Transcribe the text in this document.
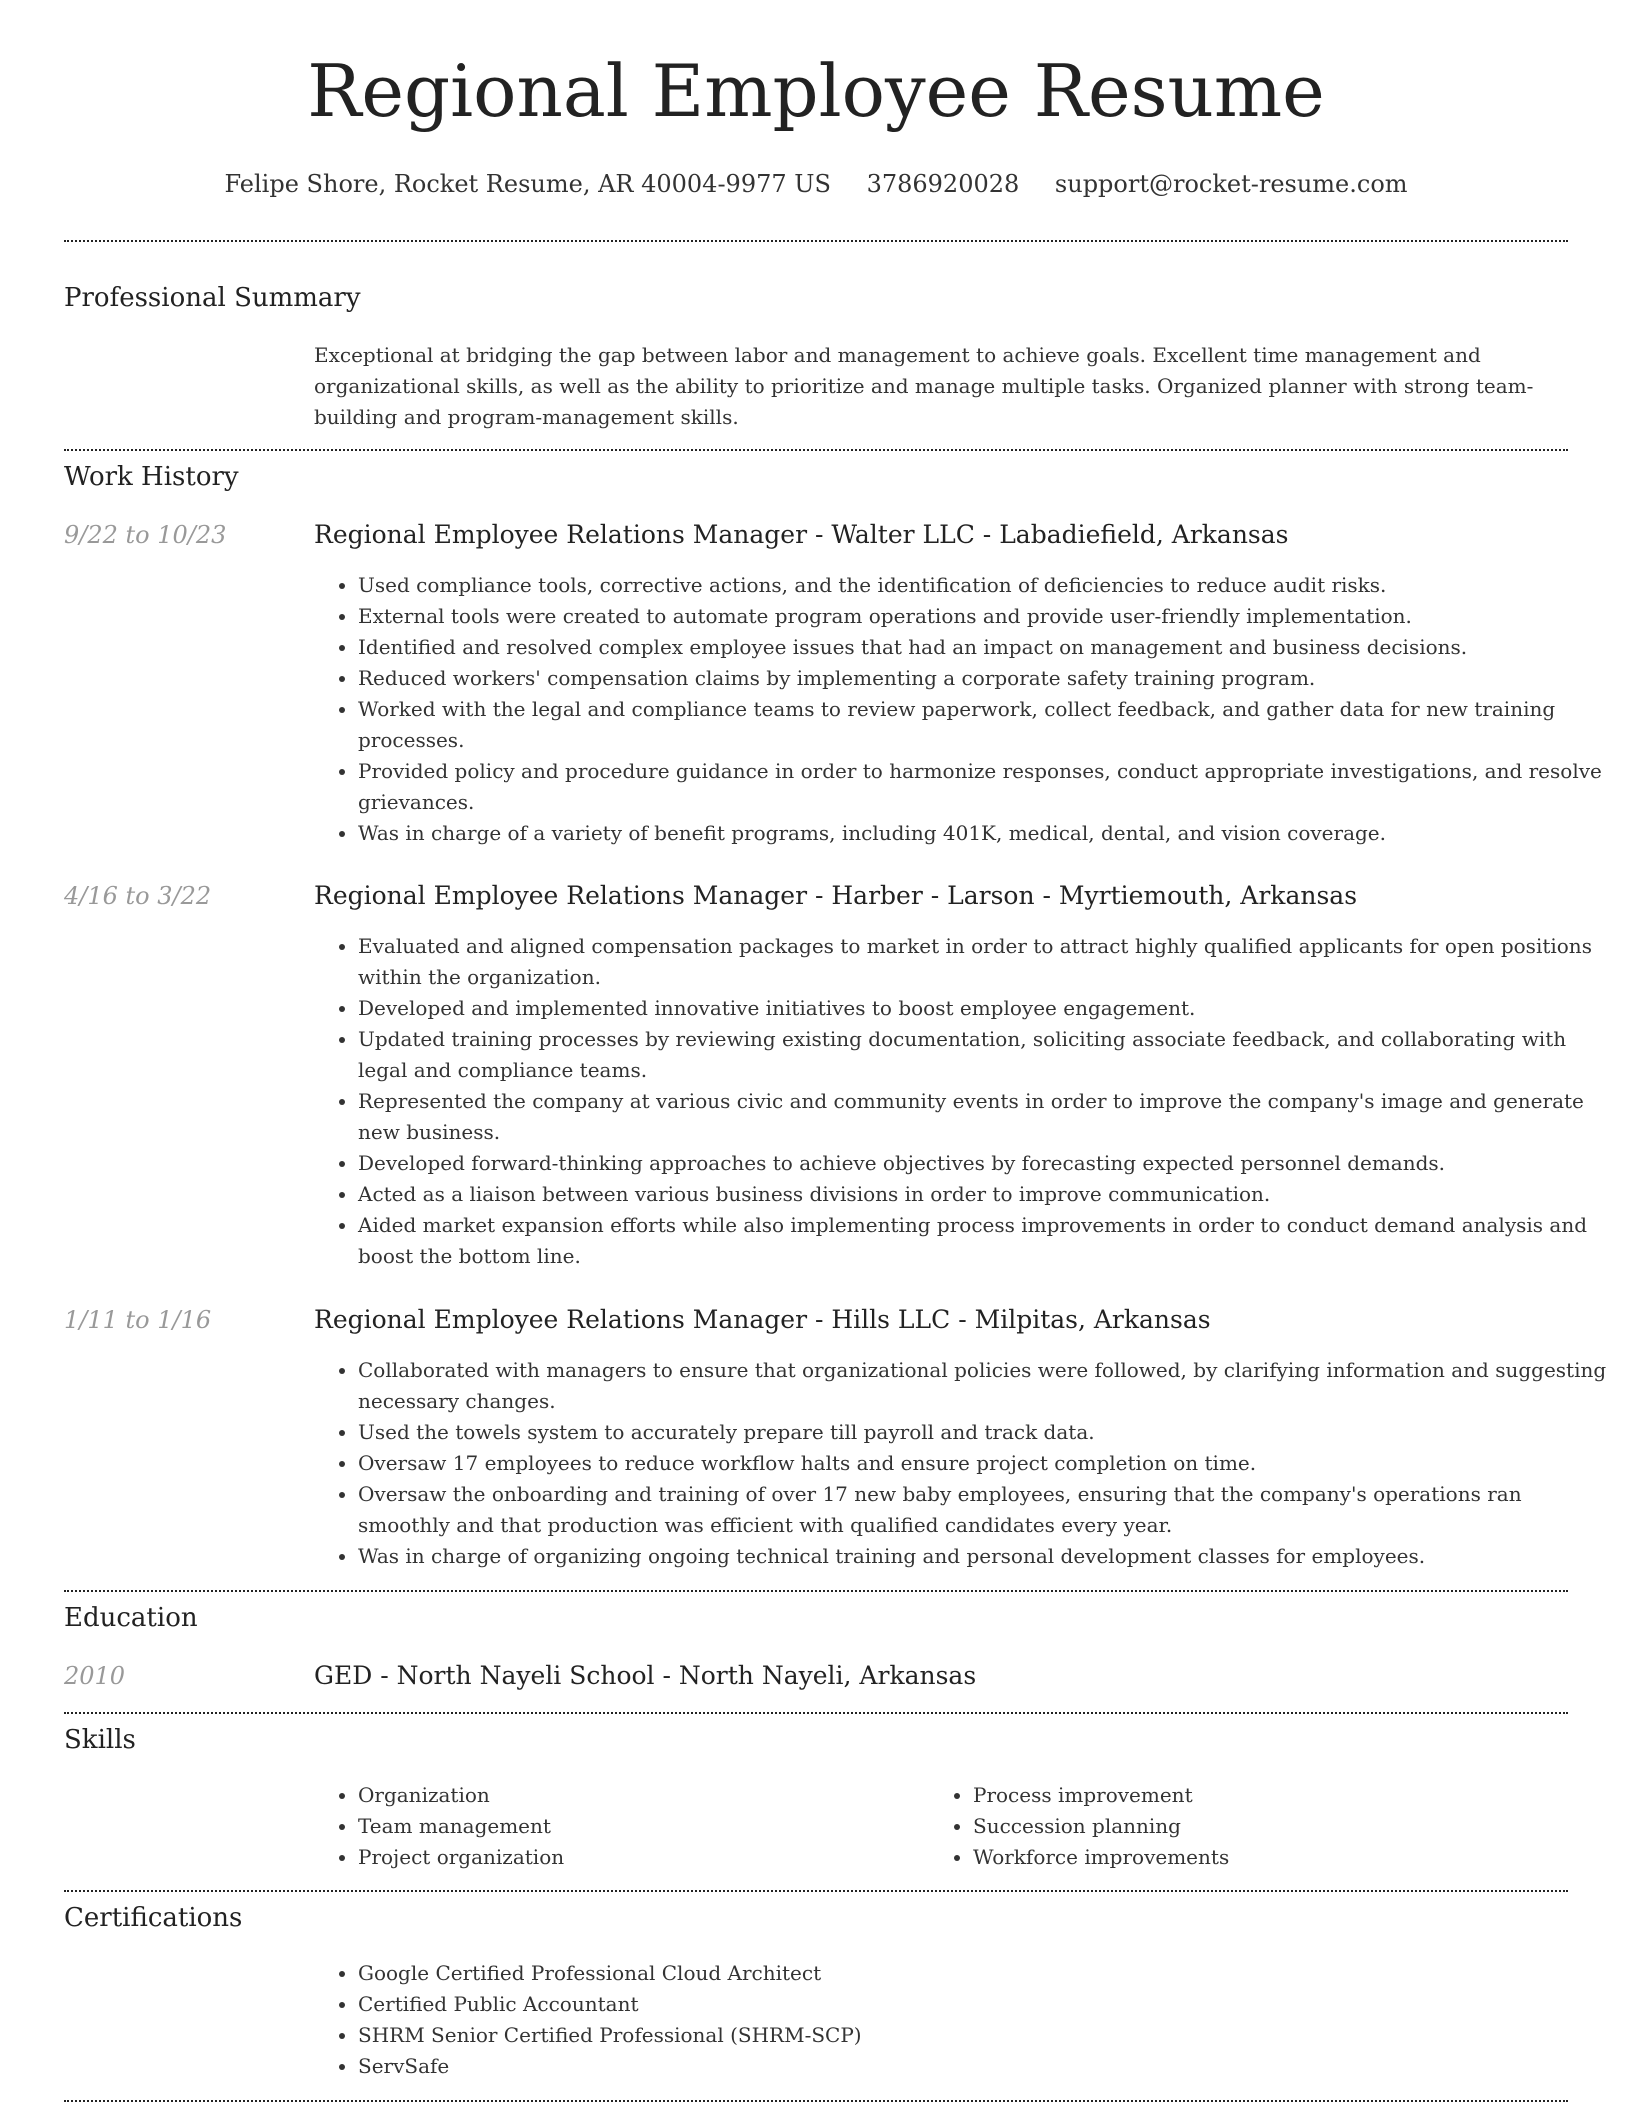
Regional Employee Resume
Felipe Shore, Rocket Resume, AR 40004-9977 US 3786920028 support@rocket-resume.com
Professional Summary

Exceptional at bridging the gap between labor and management to achieve goals. Excellent time management and organizational skills, as well as the ability to prioritize and manage multiple tasks. Organized planner with strong team-building and program-management skills.

Work History
9/22 to 10/23	Regional Employee Relations Manager - Walter LLC - Labadiefield, Arkansas
• Used compliance tools, corrective actions, and the identification of deficiencies to reduce audit risks.
• External tools were created to automate program operations and provide user-friendly implementation.
• Identified and resolved complex employee issues that had an impact on management and business decisions.
• Reduced workers' compensation claims by implementing a corporate safety training program.
• Worked with the legal and compliance teams to review paperwork, collect feedback, and gather data for new training processes.
• Provided policy and procedure guidance in order to harmonize responses, conduct appropriate investigations, and resolve grievances.
• Was in charge of a variety of benefit programs, including 401K, medical, dental, and vision coverage.
4/16 to 3/22	Regional Employee Relations Manager - Harber - Larson - Myrtiemouth, Arkansas
• Evaluated and aligned compensation packages to market in order to attract highly qualified applicants for open positions within the organization.
• Developed and implemented innovative initiatives to boost employee engagement.
• Updated training processes by reviewing existing documentation, soliciting associate feedback, and collaborating with legal and compliance teams.
• Represented the company at various civic and community events in order to improve the company's image and generate new business.
• Developed forward-thinking approaches to achieve objectives by forecasting expected personnel demands.
• Acted as a liaison between various business divisions in order to improve communication.
• Aided market expansion efforts while also implementing process improvements in order to conduct demand analysis and boost the bottom line.
1/11 to 1/16	Regional Employee Relations Manager - Hills LLC - Milpitas, Arkansas
• Collaborated with managers to ensure that organizational policies were followed, by clarifying information and suggesting necessary changes.
• Used the towels system to accurately prepare till payroll and track data.
• Oversaw 17 employees to reduce workflow halts and ensure project completion on time.
• Oversaw the onboarding and training of over 17 new baby employees, ensuring that the company's operations ran smoothly and that production was efficient with qualified candidates every year.
• Was in charge of organizing ongoing technical training and personal development classes for employees.
Education
2010	GED - North Nayeli School - North Nayeli, Arkansas
Skills
• Organization
• Team management
• Project organization
• Process improvement
• Succession planning
• Workforce improvements
Certifications
• Google Certified Professional Cloud Architect
• Certified Public Accountant
• SHRM Senior Certified Professional (SHRM-SCP)
• ServSafe
